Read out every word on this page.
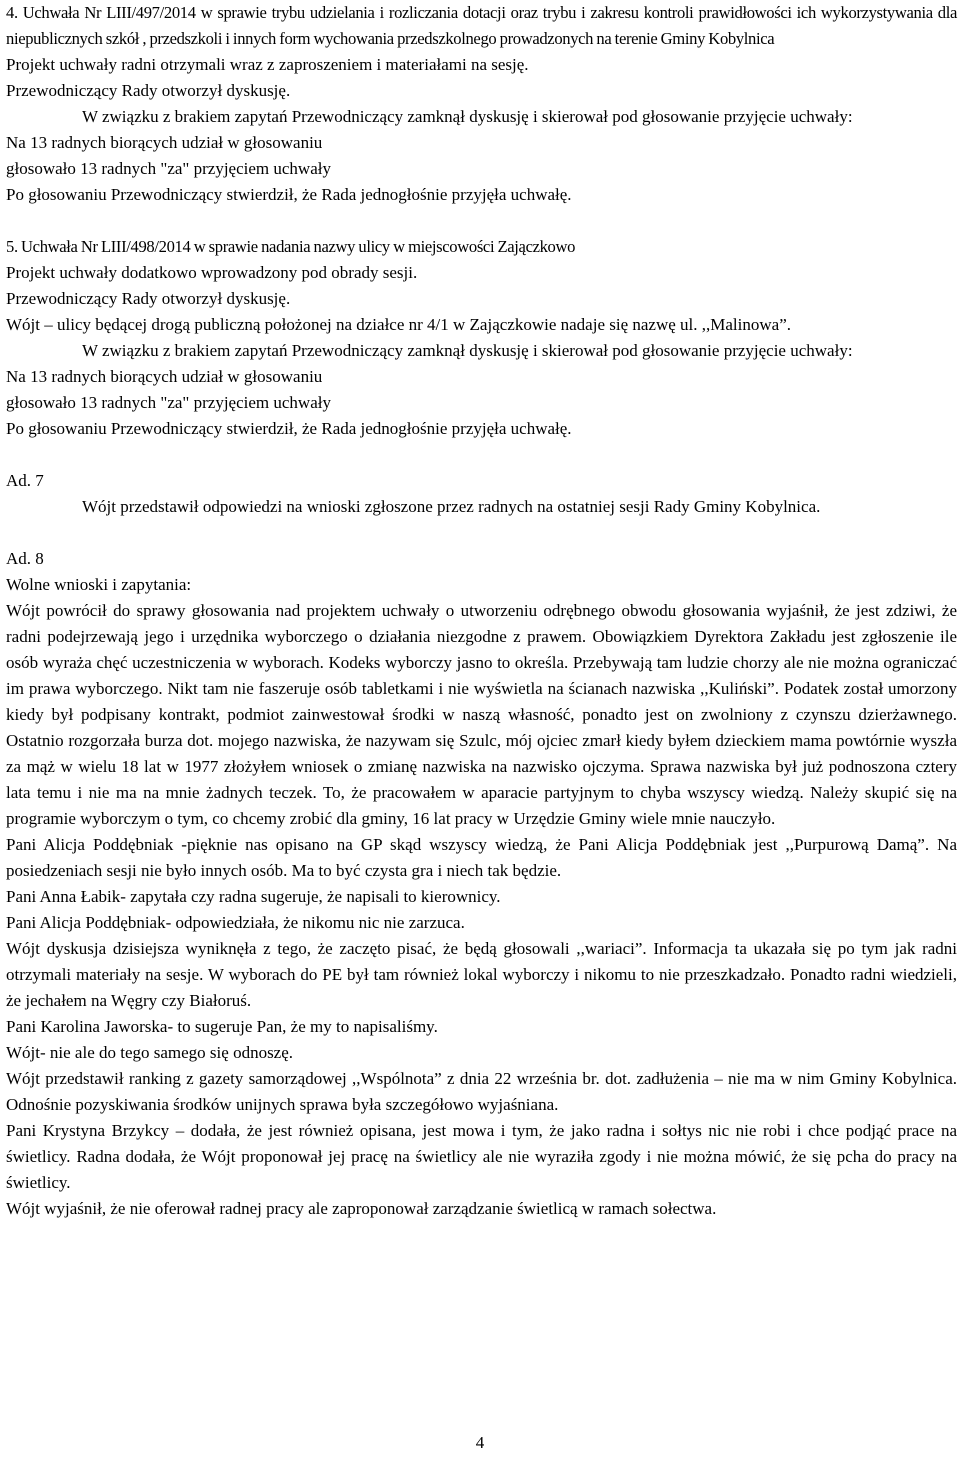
4. Uchwała Nr LIII/497/2014 w sprawie trybu udzielania i rozliczania dotacji oraz trybu i zakresu kontroli prawidłowości ich wykorzystywania dla niepublicznych szkół , przedszkoli i innych form wychowania przedszkolnego prowadzonych na terenie Gminy Kobylnica

Projekt uchwały radni otrzymali wraz z zaproszeniem i materiałami na sesję.

Przewodniczący Rady otworzył dyskusję.

W związku z brakiem zapytań Przewodniczący zamknął dyskusję i skierował pod głosowanie przyjęcie uchwały:

Na 13 radnych biorących udział w głosowaniu

głosowało 13 radnych "za" przyjęciem uchwały

Po głosowaniu Przewodniczący stwierdził, że Rada jednogłośnie przyjęła uchwałę.

5. Uchwała Nr LIII/498/2014 w sprawie nadania nazwy ulicy w miejscowości Zajączkowo

Projekt uchwały dodatkowo wprowadzony pod obrady sesji.

Przewodniczący Rady otworzył dyskusję.

Wójt – ulicy będącej drogą publiczną położonej na działce nr 4/1 w Zajączkowie nadaje się nazwę ul. ,,Malinowa”.

W związku z brakiem zapytań Przewodniczący zamknął dyskusję i skierował pod głosowanie przyjęcie uchwały:

Na 13 radnych biorących udział w głosowaniu

głosowało 13 radnych "za" przyjęciem uchwały

Po głosowaniu Przewodniczący stwierdził, że Rada jednogłośnie przyjęła uchwałę.

Ad. 7

Wójt przedstawił odpowiedzi na wnioski zgłoszone przez radnych na ostatniej sesji Rady Gminy Kobylnica.

Ad. 8

Wolne wnioski i zapytania:

Wójt powrócił do sprawy głosowania nad projektem uchwały o utworzeniu odrębnego obwodu głosowania wyjaśnił, że jest zdziwi, że radni podejrzewają jego i urzędnika wyborczego o działania niezgodne z prawem. Obowiązkiem Dyrektora Zakładu jest zgłoszenie ile osób wyraża chęć uczestniczenia w wyborach. Kodeks wyborczy jasno to określa. Przebywają tam ludzie chorzy ale nie można ograniczać im prawa wyborczego. Nikt tam nie faszeruje osób tabletkami i nie wyświetla na ścianach nazwiska ,,Kuliński”. Podatek został umorzony kiedy był podpisany kontrakt, podmiot zainwestował środki w naszą własność, ponadto jest on zwolniony z czynszu dzierżawnego. Ostatnio rozgorzała burza dot. mojego nazwiska, że nazywam się Szulc, mój ojciec zmarł kiedy byłem dzieckiem mama powtórnie wyszła za mąż w wielu 18 lat w 1977 złożyłem wniosek o zmianę nazwiska na nazwisko ojczyma. Sprawa nazwiska był już podnoszona cztery lata temu i nie ma na mnie żadnych teczek. To, że pracowałem w aparacie partyjnym to chyba wszyscy wiedzą. Należy skupić się na programie wyborczym o tym, co chcemy zrobić dla gminy, 16 lat pracy w Urzędzie Gminy wiele mnie nauczyło.

Pani Alicja Poddębniak -pięknie nas opisano na GP skąd wszyscy wiedzą, że Pani Alicja Poddębniak jest ,,Purpurową Damą”. Na posiedzeniach sesji nie było innych osób. Ma to być czysta gra i niech tak będzie.

Pani Anna Łabik- zapytała czy radna sugeruje, że napisali to kierownicy.

Pani Alicja Poddębniak- odpowiedziała, że nikomu nic nie zarzuca.

Wójt dyskusja dzisiejsza wyniknęła z tego, że zaczęto pisać, że będą głosowali ,,wariaci”. Informacja ta ukazała się po tym jak radni otrzymali materiały na sesje. W wyborach do PE był tam również lokal wyborczy i nikomu to nie przeszkadzało. Ponadto radni wiedzieli, że jechałem na Węgry czy Białoruś.

Pani Karolina Jaworska- to sugeruje Pan, że my to napisaliśmy.

Wójt- nie ale do tego samego się odnoszę.

Wójt przedstawił ranking z gazety samorządowej ,,Wspólnota” z dnia 22 września br. dot. zadłużenia – nie ma w nim Gminy Kobylnica. Odnośnie pozyskiwania środków unijnych sprawa była szczegółowo wyjaśniana.

Pani Krystyna Brzykcy – dodała, że jest również opisana, jest mowa i tym, że jako radna i sołtys nic nie robi i chce podjąć prace na świetlicy. Radna dodała, że Wójt proponował jej pracę na świetlicy ale nie wyraziła zgody i nie można mówić, że się pcha do pracy na świetlicy.

Wójt wyjaśnił, że nie oferował radnej pracy ale zaproponował zarządzanie świetlicą w ramach sołectwa.

4
